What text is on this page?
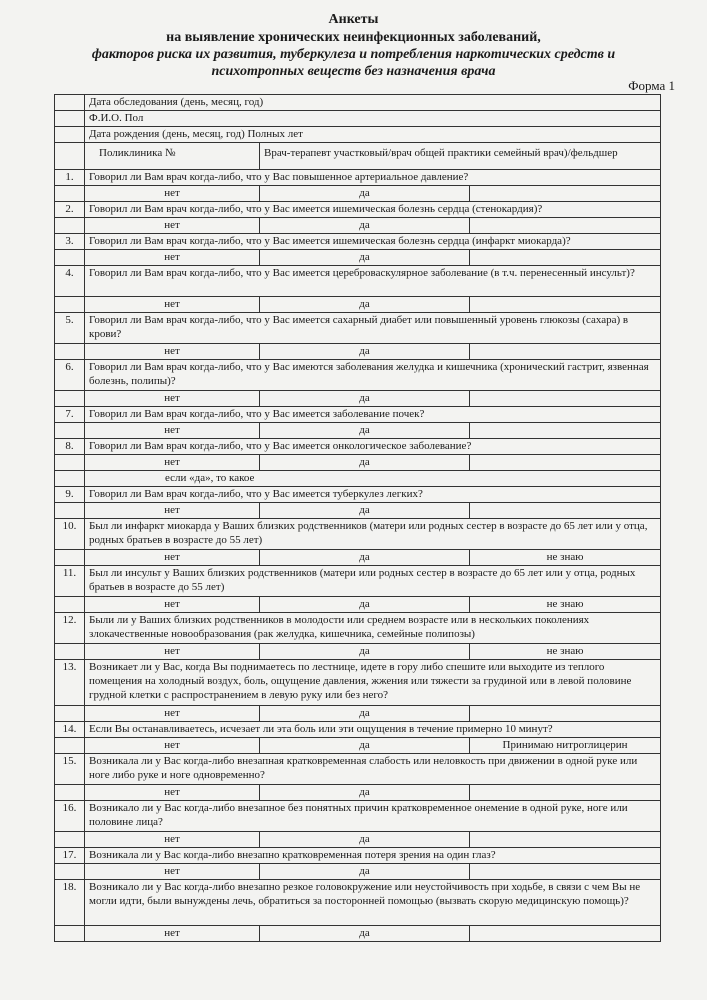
Анкеты
на выявление хронических неинфекционных заболеваний,
факторов риска их развития, туберкулеза и потребления наркотических средств и
психотропных веществ без назначения врача
Форма 1
	Дата обследования (день, месяц, год)		
	Ф.И.О. Пол		
	Дата рождения (день, месяц, год) Полных лет		
	Поликлиника №	Врач-терапевт участковый/врач общей практики семейный врач)/фельдшер	
1.	Говорил ли Вам врач когда-либо, что у Вас повышенное артериальное давление?		
	нет	да	
2.	Говорил ли Вам врач когда-либо, что у Вас имеется ишемическая болезнь сердца (стенокардия)?		
	нет	да	
3.	Говорил ли Вам врач когда-либо, что у Вас имеется ишемическая болезнь сердца (инфаркт миокарда)?		
	нет	да	
4.	Говорил ли Вам врач когда-либо, что у Вас имеется цереброваскулярное заболевание (в т.ч. перенесенный инсульт)?		
	нет	да	
5.	Говорил ли Вам врач когда-либо, что у Вас имеется сахарный диабет или повышенный уровень глюкозы (сахара) в крови?		
	нет	да	
6.	Говорил ли Вам врач когда-либо, что у Вас имеются заболевания желудка и кишечника (хронический гастрит, язвенная болезнь, полипы)?		
	нет	да	
7.	Говорил ли Вам врач когда-либо, что у Вас имеется заболевание почек?		
	нет	да	
8.	Говорил ли Вам врач когда-либо, что у Вас имеется онкологическое заболевание?		
	нет	да	
	если «да», то какое		
9.	Говорил ли Вам врач когда-либо, что у Вас имеется туберкулез легких?		
	нет	да	
10.	Был ли инфаркт миокарда у Ваших близких родственников (матери или родных сестер в возрасте до 65 лет или у отца, родных братьев в возрасте до 55 лет)		
	нет	да	не знаю
11.	Был ли инсульт у Ваших близких родственников (матери или родных сестер в возрасте до 65 лет или у отца, родных братьев в возрасте до 55 лет)		
	нет	да	не знаю
12.	Были ли у Ваших близких родственников в молодости или среднем возрасте или в нескольких поколениях злокачественные новообразования (рак желудка, кишечника, семейные полипозы)		
	нет	да	не знаю
13.	Возникает ли у Вас, когда Вы поднимаетесь по лестнице, идете в гору либо спешите или выходите из теплого помещения на холодный воздух, боль, ощущение давления, жжения или тяжести за грудиной или в левой половине грудной клетки с распространением в левую руку или без него?		
	нет	да	
14.	Если Вы останавливаетесь, исчезает ли эта боль или эти ощущения в течение примерно 10 минут?		
	нет	да	Принимаю нитроглицерин
15.	Возникала ли у Вас когда-либо внезапная кратковременная слабость или неловкость при движении в одной руке или ноге либо руке и ноге одновременно?		
	нет	да	
16.	Возникало ли у Вас когда-либо внезапное без понятных причин кратковременное онемение в одной руке, ноге или половине лица?		
	нет	да	
17.	Возникала ли у Вас когда-либо внезапно кратковременная потеря зрения на один глаз?		
	нет	да	
18.	Возникало ли у Вас когда-либо внезапно резкое головокружение или неустойчивость при ходьбе, в связи с чем Вы не могли идти, были вынуждены лечь, обратиться за посторонней помощью (вызвать скорую медицинскую помощь)?		
	нет	да	
